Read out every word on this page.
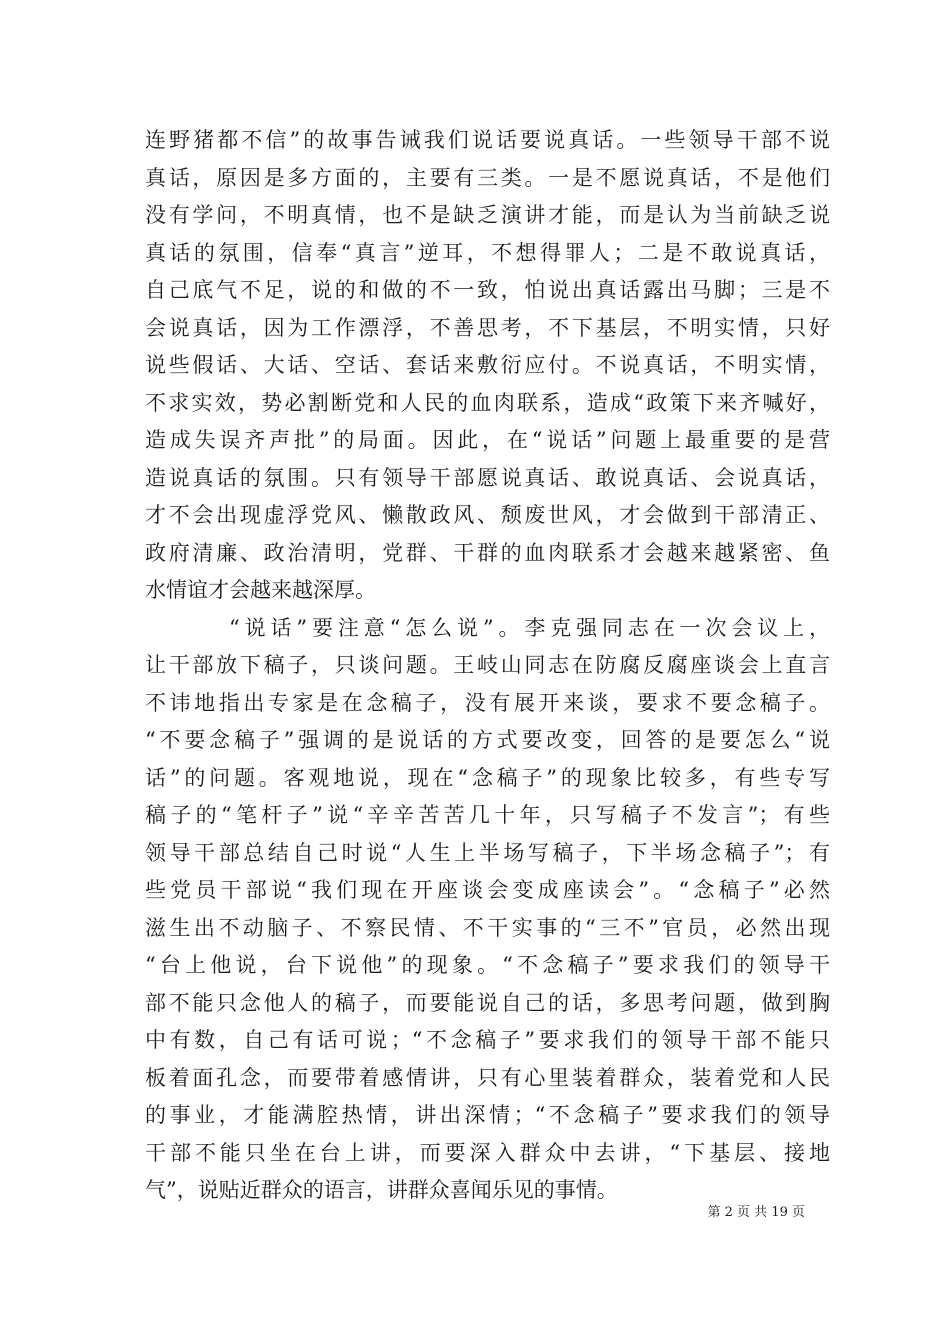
连野猪都不信”的故事告诫我们说话要说真话。一些领导干部不说
真话，原因是多方面的，主要有三类。一是不愿说真话，不是他们
没有学问，不明真情，也不是缺乏演讲才能，而是认为当前缺乏说
真话的氛围，信奉“真言”逆耳，不想得罪人；二是不敢说真话，
自己底气不足，说的和做的不一致，怕说出真话露出马脚；三是不
会说真话，因为工作漂浮，不善思考，不下基层，不明实情，只好
说些假话、大话、空话、套话来敷衍应付。不说真话，不明实情，
不求实效，势必割断党和人民的血肉联系，造成“政策下来齐喊好，
造成失误齐声批”的局面。因此，在“说话”问题上最重要的是营
造说真话的氛围。只有领导干部愿说真话、敢说真话、会说真话，
才不会出现虚浮党风、懒散政风、颓废世风，才会做到干部清正、
政府清廉、政治清明，党群、干群的血肉联系才会越来越紧密、鱼
水情谊才会越来越深厚。
“说话”要注意“怎么说”。李克强同志在一次会议上，
让干部放下稿子，只谈问题。王岐山同志在防腐反腐座谈会上直言
不讳地指出专家是在念稿子，没有展开来谈，要求不要念稿子。
“不要念稿子”强调的是说话的方式要改变，回答的是要怎么“说
话”的问题。客观地说，现在“念稿子”的现象比较多，有些专写
稿子的“笔杆子”说“辛辛苦苦几十年，只写稿子不发言”；有些
领导干部总结自己时说“人生上半场写稿子，下半场念稿子”；有
些党员干部说“我们现在开座谈会变成座读会”。“念稿子”必然
滋生出不动脑子、不察民情、不干实事的“三不”官员，必然出现
“台上他说，台下说他”的现象。“不念稿子”要求我们的领导干
部不能只念他人的稿子，而要能说自己的话，多思考问题，做到胸
中有数，自己有话可说；“不念稿子”要求我们的领导干部不能只
板着面孔念，而要带着感情讲，只有心里装着群众，装着党和人民
的事业，才能满腔热情，讲出深情；“不念稿子”要求我们的领导
干部不能只坐在台上讲，而要深入群众中去讲，“下基层、接地
气”，说贴近群众的语言，讲群众喜闻乐见的事情。
第 2 页 共 19 页
